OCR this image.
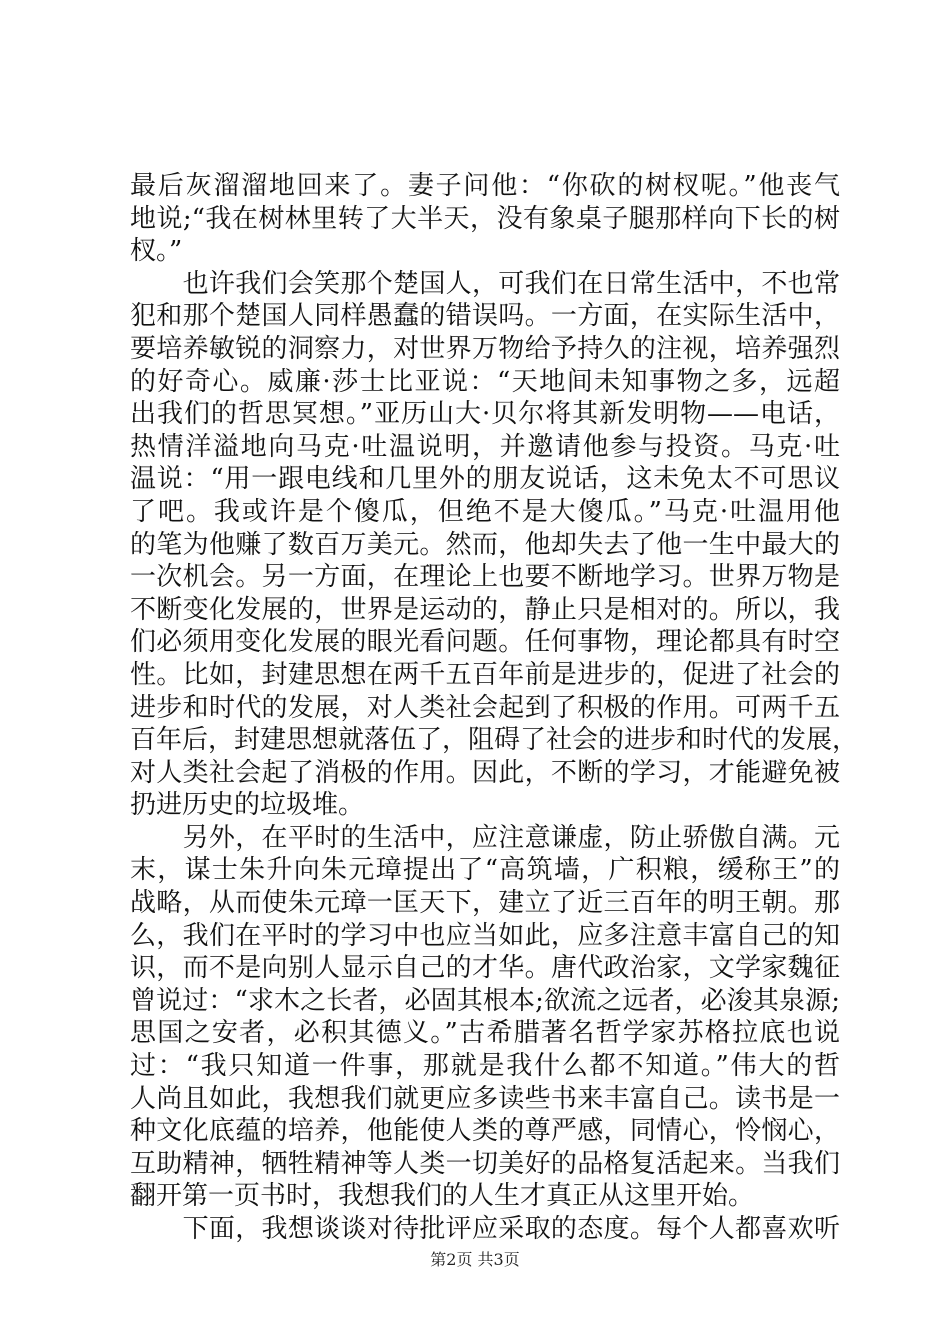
最后灰溜溜地回来了。妻子问他：“你砍的树杈呢。”他丧气
地说;“我在树林里转了大半天，没有象桌子腿那样向下长的树
杈。”
　　也许我们会笑那个楚国人，可我们在日常生活中，不也常
犯和那个楚国人同样愚蠢的错误吗。一方面，在实际生活中，
要培养敏锐的洞察力，对世界万物给予持久的注视，培养强烈
的好奇心。威廉·莎士比亚说：“天地间未知事物之多，远超
出我们的哲思冥想。”亚历山大·贝尔将其新发明物——电话，
热情洋溢地向马克·吐温说明，并邀请他参与投资。马克·吐
温说：“用一跟电线和几里外的朋友说话，这未免太不可思议
了吧。我或许是个傻瓜，但绝不是大傻瓜。”马克·吐温用他
的笔为他赚了数百万美元。然而，他却失去了他一生中最大的
一次机会。另一方面，在理论上也要不断地学习。世界万物是
不断变化发展的，世界是运动的，静止只是相对的。所以，我
们必须用变化发展的眼光看问题。任何事物，理论都具有时空
性。比如，封建思想在两千五百年前是进步的，促进了社会的
进步和时代的发展，对人类社会起到了积极的作用。可两千五
百年后，封建思想就落伍了，阻碍了社会的进步和时代的发展，
对人类社会起了消极的作用。因此，不断的学习，才能避免被
扔进历史的垃圾堆。
　　另外，在平时的生活中，应注意谦虚，防止骄傲自满。元
末，谋士朱升向朱元璋提出了“高筑墙，广积粮，缓称王”的
战略，从而使朱元璋一匡天下，建立了近三百年的明王朝。那
么，我们在平时的学习中也应当如此，应多注意丰富自己的知
识，而不是向别人显示自己的才华。唐代政治家，文学家魏征
曾说过：“求木之长者，必固其根本;欲流之远者，必浚其泉源;
思国之安者，必积其德义。”古希腊著名哲学家苏格拉底也说
过：“我只知道一件事，那就是我什么都不知道。”伟大的哲
人尚且如此，我想我们就更应多读些书来丰富自己。读书是一
种文化底蕴的培养，他能使人类的尊严感，同情心，怜悯心，
互助精神，牺牲精神等人类一切美好的品格复活起来。当我们
翻开第一页书时，我想我们的人生才真正从这里开始。
　　下面，我想谈谈对待批评应采取的态度。每个人都喜欢听
第2页 共3页
